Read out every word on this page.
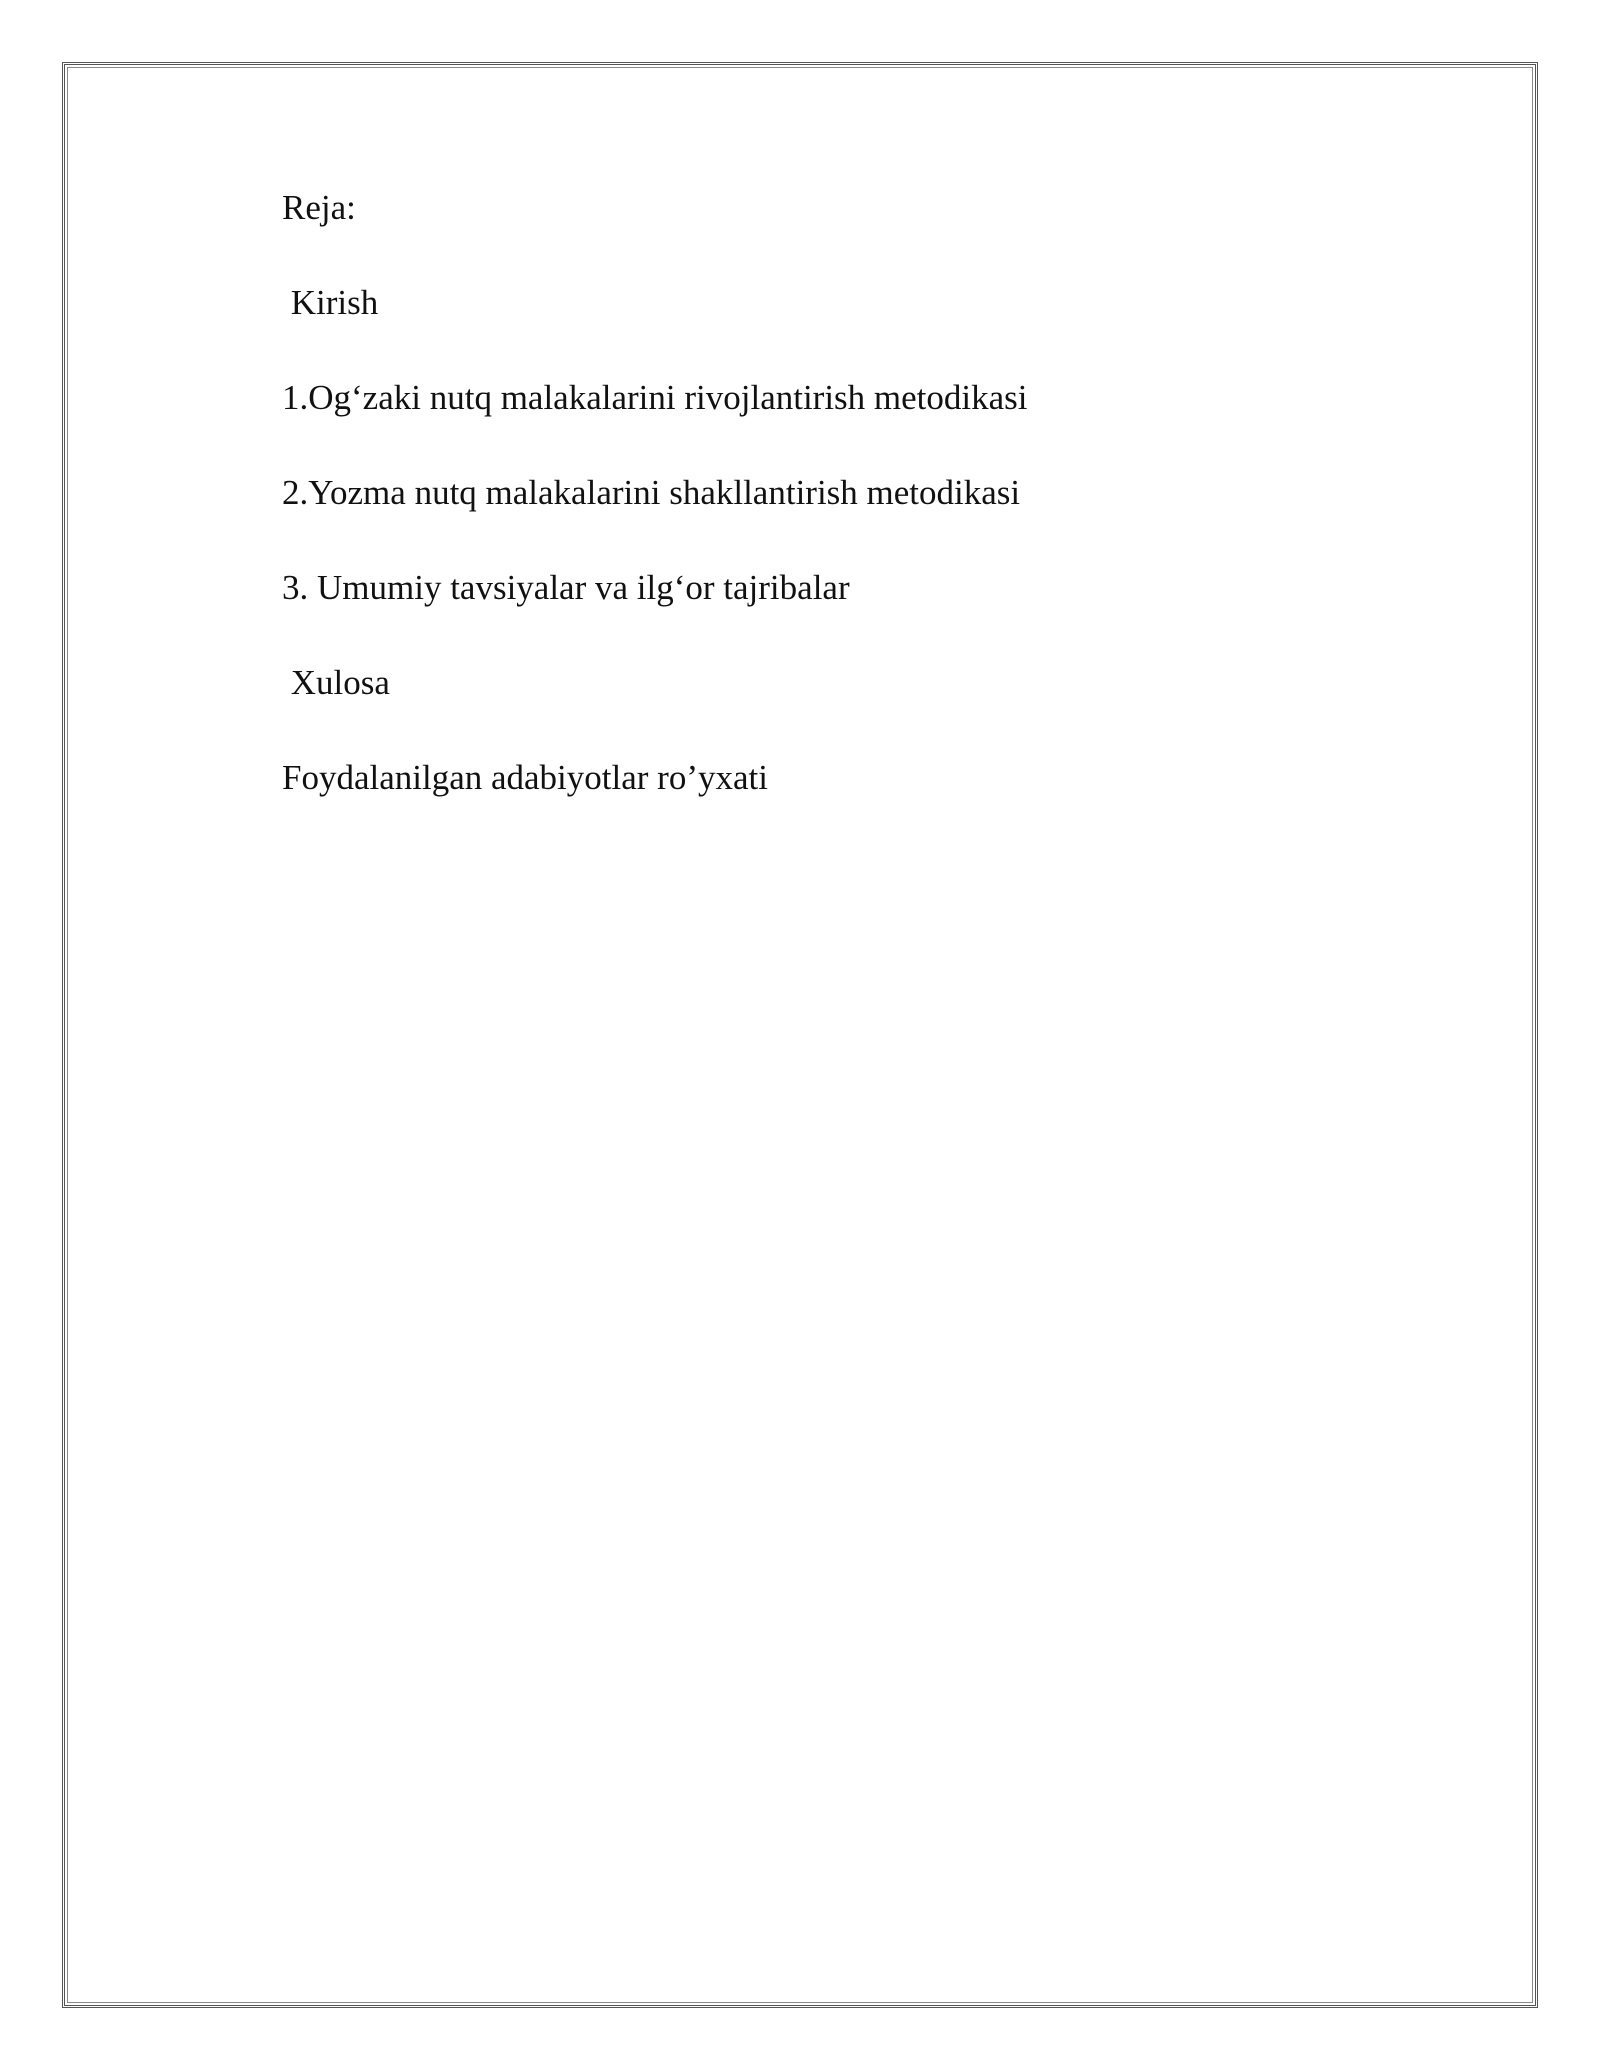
Reja:

Kirish

1.Og‘zaki nutq malakalarini rivojlantirish metodikasi

2.Yozma nutq malakalarini shakllantirish metodikasi

3. Umumiy tavsiyalar va ilg‘or tajribalar

Xulosa

Foydalanilgan adabiyotlar ro’yxati
